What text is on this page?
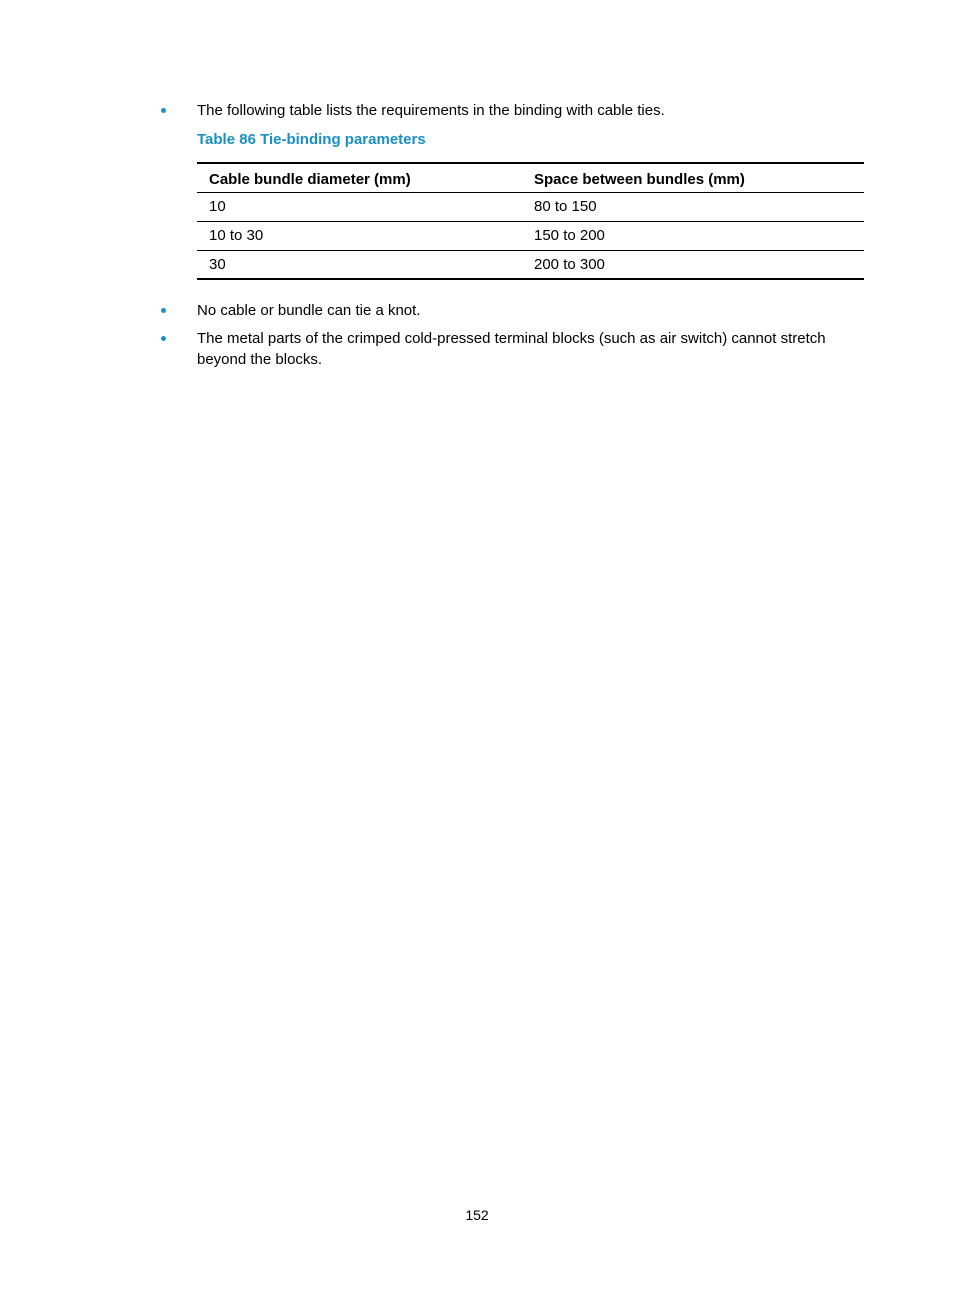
The following table lists the requirements in the binding with cable ties.
Table 86 Tie-binding parameters
Cable bundle diameter (mm)	Space between bundles (mm)
10	80 to 150
10 to 30	150 to 200
30	200 to 300
No cable or bundle can tie a knot.
The metal parts of the crimped cold-pressed terminal blocks (such as air switch) cannot stretch beyond the blocks.
152
